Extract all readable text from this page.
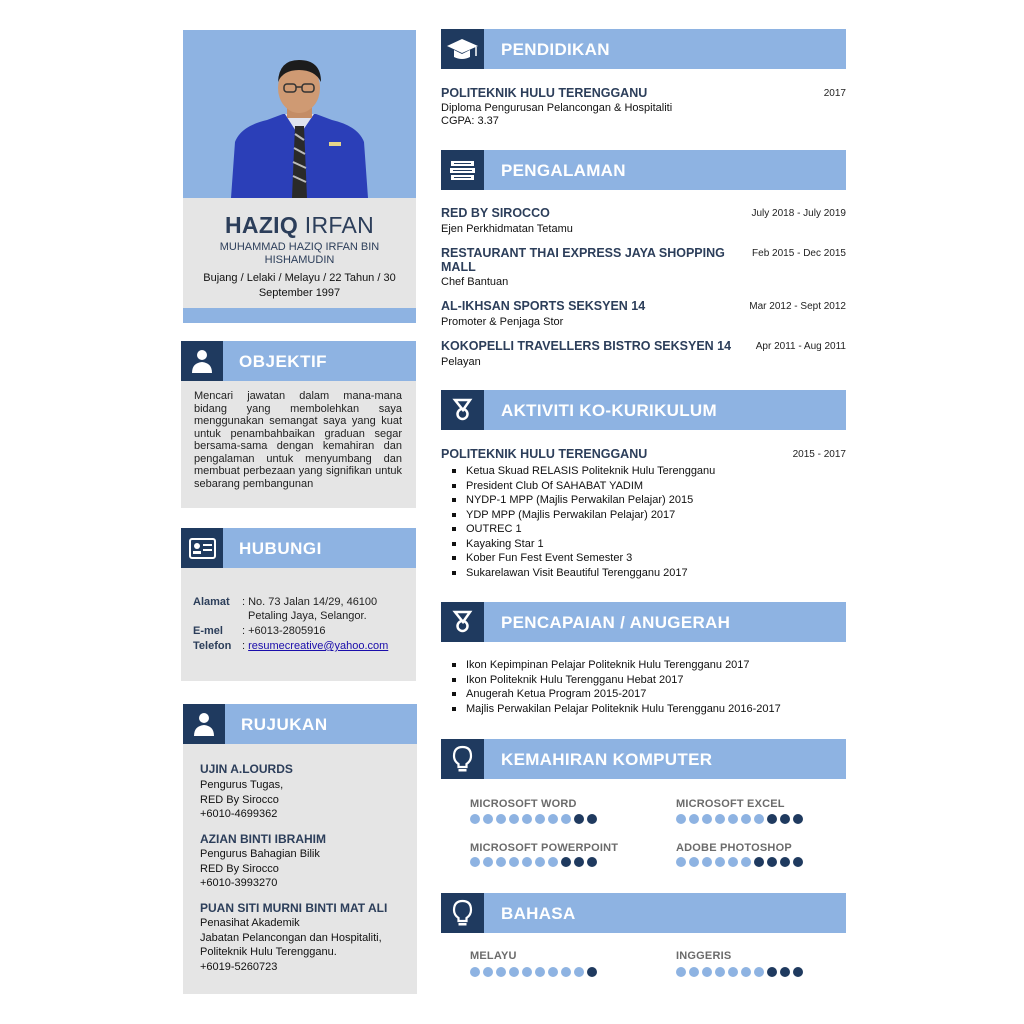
HAZIQ IRFAN
MUHAMMAD HAZIQ IRFAN BIN HISHAMUDIN
Bujang / Lelaki / Melayu / 22 Tahun / 30 September 1997
OBJEKTIF
Mencari jawatan dalam mana-mana bidang yang membolehkan saya menggunakan semangat saya yang kuat untuk penambahbaikan graduan segar bersama-sama dengan kemahiran dan pengalaman untuk menyumbang dan membuat perbezaan yang signifikan untuk sebarang pembangunan
HUBUNGI
Alamat : No. 73 Jalan 14/29, 46100
Petaling Jaya, Selangor.
E-mel : +6013-2805916
Telefon : resumecreative@yahoo.com
RUJUKAN
UJIN A.LOURDS
Pengurus Tugas,
RED By Sirocco
+6010-4699362
AZIAN BINTI IBRAHIM
Pengurus Bahagian Bilik
RED By Sirocco
+6010-3993270
PUAN SITI MURNI BINTI MAT ALI
Penasihat Akademik
Jabatan Pelancongan dan Hospitaliti,
Politeknik Hulu Terengganu.
+6019-5260723
PENDIDIKAN
POLITEKNIK HULU TERENGGANU	2017
Diploma Pengurusan Pelancongan & Hospitaliti
CGPA: 3.37
PENGALAMAN
RED BY SIROCCO	July 2018 - July 2019
Ejen Perkhidmatan Tetamu
RESTAURANT THAI EXPRESS JAYA SHOPPING
MALL
Feb 2015 - Dec 2015
Chef Bantuan
AL-IKHSAN SPORTS SEKSYEN 14	Mar 2012 - Sept 2012
Promoter & Penjaga Stor
KOKOPELLI TRAVELLERS BISTRO SEKSYEN 14 Apr 2011 - Aug 2011
Pelayan
AKTIVITI KO-KURIKULUM
POLITEKNIK HULU TERENGGANU	2015 - 2017
Ketua Skuad RELASIS Politeknik Hulu Terengganu
President Club Of SAHABAT YADIM
NYDP-1 MPP (Majlis Perwakilan Pelajar) 2015
YDP MPP (Majlis Perwakilan Pelajar) 2017
OUTREC 1
Kayaking Star 1
Kober Fun Fest Event Semester 3
Sukarelawan Visit Beautiful Terengganu 2017
PENCAPAIAN / ANUGERAH
Ikon Kepimpinan Pelajar Politeknik Hulu Terengganu 2017
Ikon Politeknik Hulu Terengganu Hebat 2017
Anugerah Ketua Program 2015-2017
Majlis Perwakilan Pelajar Politeknik Hulu Terengganu 2016-2017
KEMAHIRAN KOMPUTER
MICROSOFT WORD	MICROSOFT EXCEL
MICROSOFT POWERPOINT	ADOBE PHOTOSHOP
BAHASA
MELAYU	INGGERIS
